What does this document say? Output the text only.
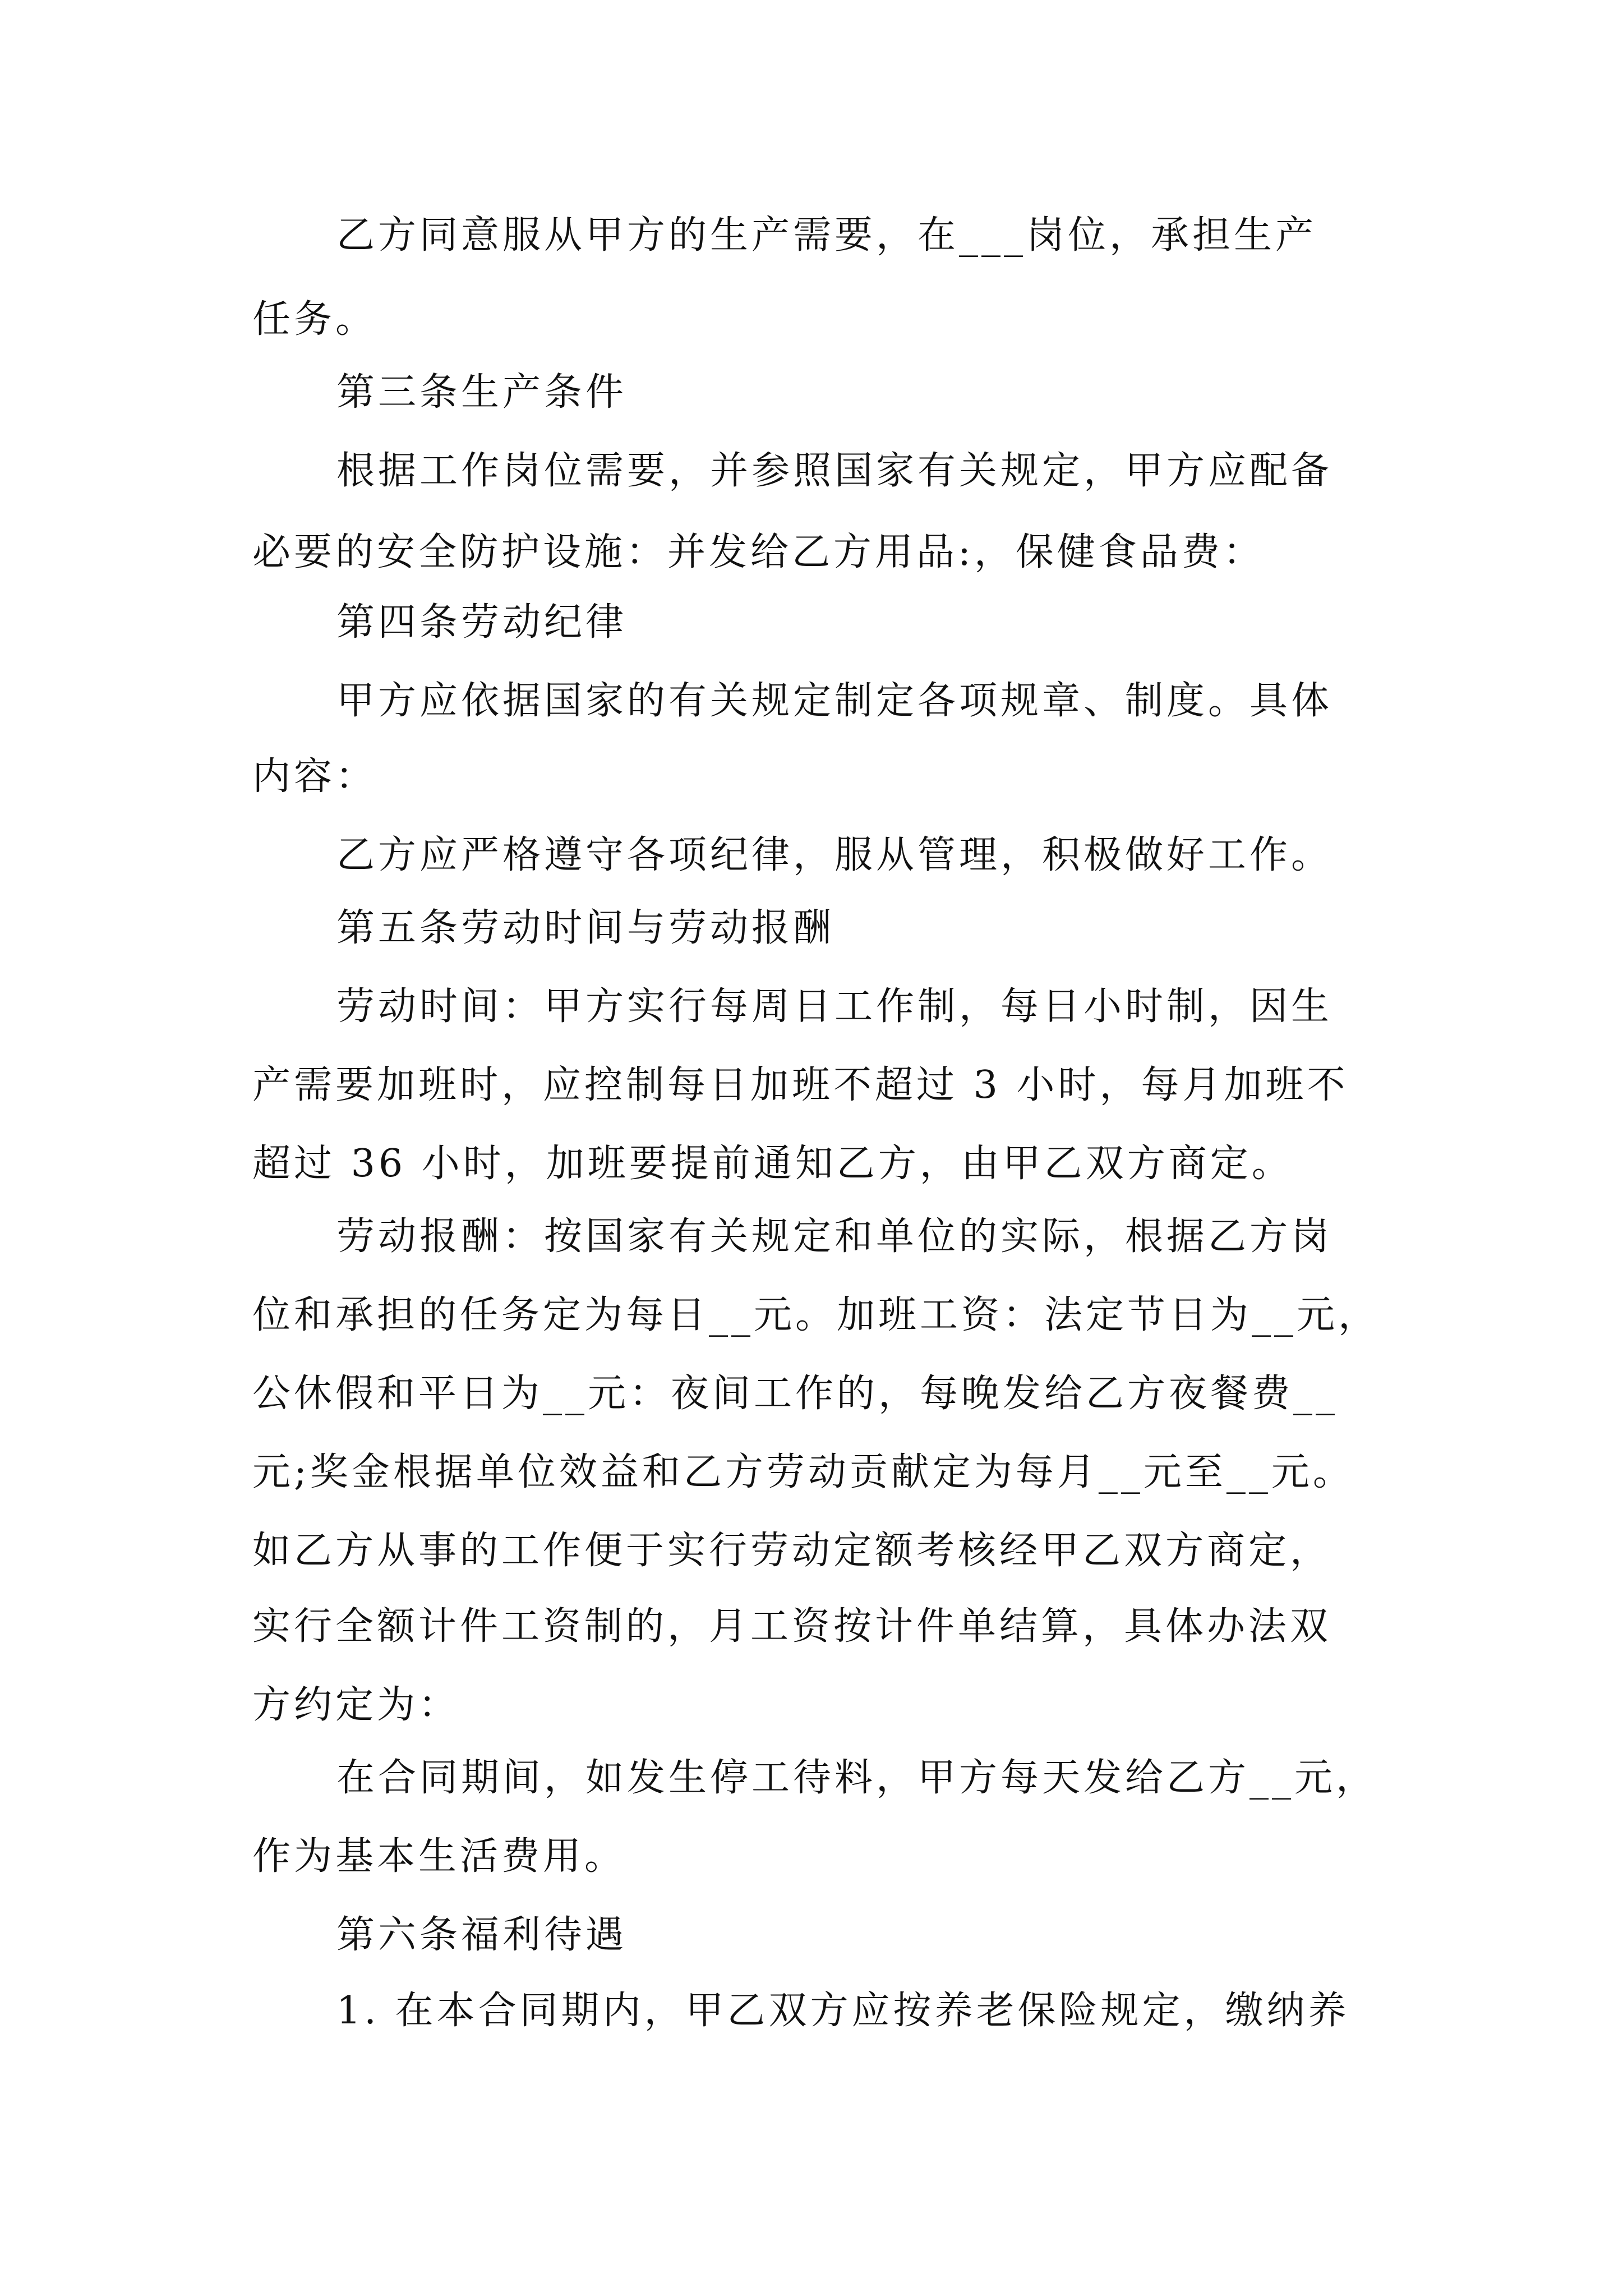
乙方同意服从甲方的生产需要，在___岗位，承担生产
任务。
第三条生产条件
根据工作岗位需要，并参照国家有关规定，甲方应配备
必要的安全防护设施：并发给乙方用品:，保健食品费：
第四条劳动纪律
甲方应依据国家的有关规定制定各项规章、制度。具体
内容：
乙方应严格遵守各项纪律，服从管理，积极做好工作。
第五条劳动时间与劳动报酬
劳动时间：甲方实行每周日工作制，每日小时制，因生
产需要加班时，应控制每日加班不超过 3 小时，每月加班不
超过 36 小时，加班要提前通知乙方，由甲乙双方商定。
劳动报酬：按国家有关规定和单位的实际，根据乙方岗
位和承担的任务定为每日__元。加班工资：法定节日为__元，
公休假和平日为__元：夜间工作的，每晚发给乙方夜餐费__
元;奖金根据单位效益和乙方劳动贡献定为每月__元至__元。
如乙方从事的工作便于实行劳动定额考核经甲乙双方商定，
实行全额计件工资制的，月工资按计件单结算，具体办法双
方约定为：
在合同期间，如发生停工待料，甲方每天发给乙方__元，
作为基本生活费用。
第六条福利待遇
1. 在本合同期内，甲乙双方应按养老保险规定，缴纳养
